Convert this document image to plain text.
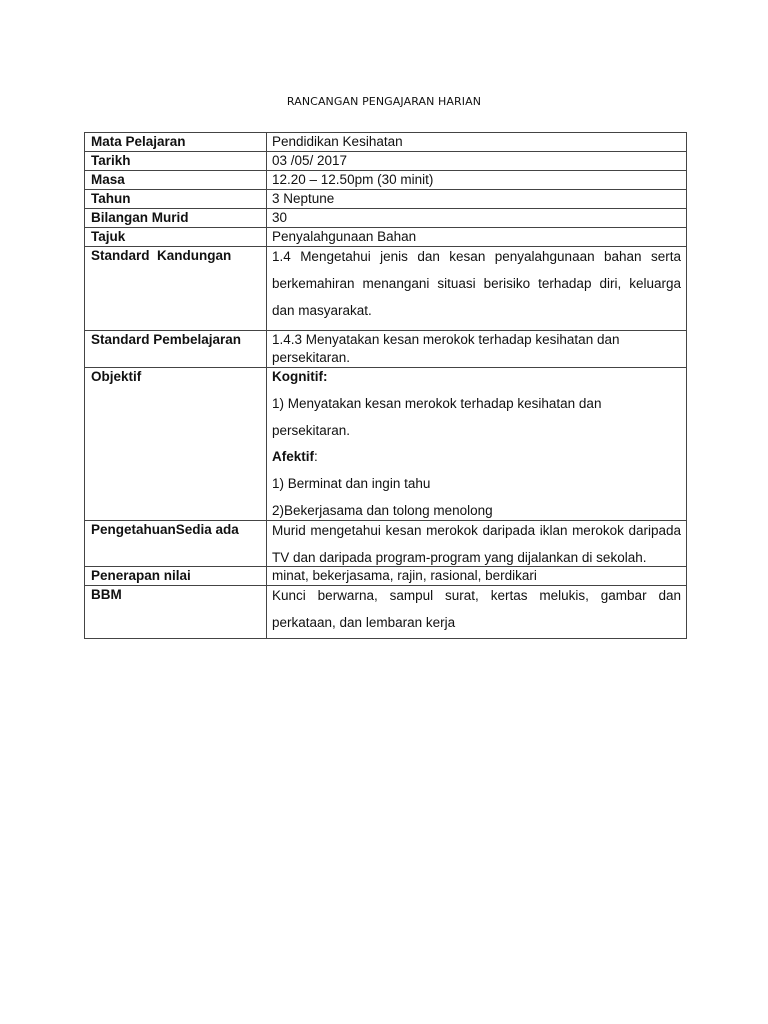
RANCANGAN PENGAJARAN HARIAN
Mata Pelajaran	Pendidikan Kesihatan
Tarikh	03 /05/ 2017
Masa	12.20 – 12.50pm (30 minit)
Tahun	3 Neptune
Bilangan Murid	30
Tajuk	Penyalahgunaan Bahan
Standard  Kandungan	1.4 Mengetahui jenis dan kesan penyalahgunaan bahan serta berkemahiran menangani situasi berisiko terhadap diri, keluarga dan masyarakat.

Standard Pembelajaran	1.4.3 Menyatakan kesan merokok terhadap kesihatan dan persekitaran.
Objektif	Kognitif:

1) Menyatakan kesan merokok terhadap kesihatan dan persekitaran.

Afektif:

1) Berminat dan ingin tahu

2)Bekerjasama dan tolong menolong

PengetahuanSedia ada	Murid mengetahui kesan merokok daripada iklan merokok daripada TV dan daripada program-program yang dijalankan di sekolah.

Penerapan nilai	minat, bekerjasama, rajin, rasional, berdikari
BBM	Kunci berwarna, sampul surat, kertas melukis, gambar dan perkataan, dan lembaran kerja
